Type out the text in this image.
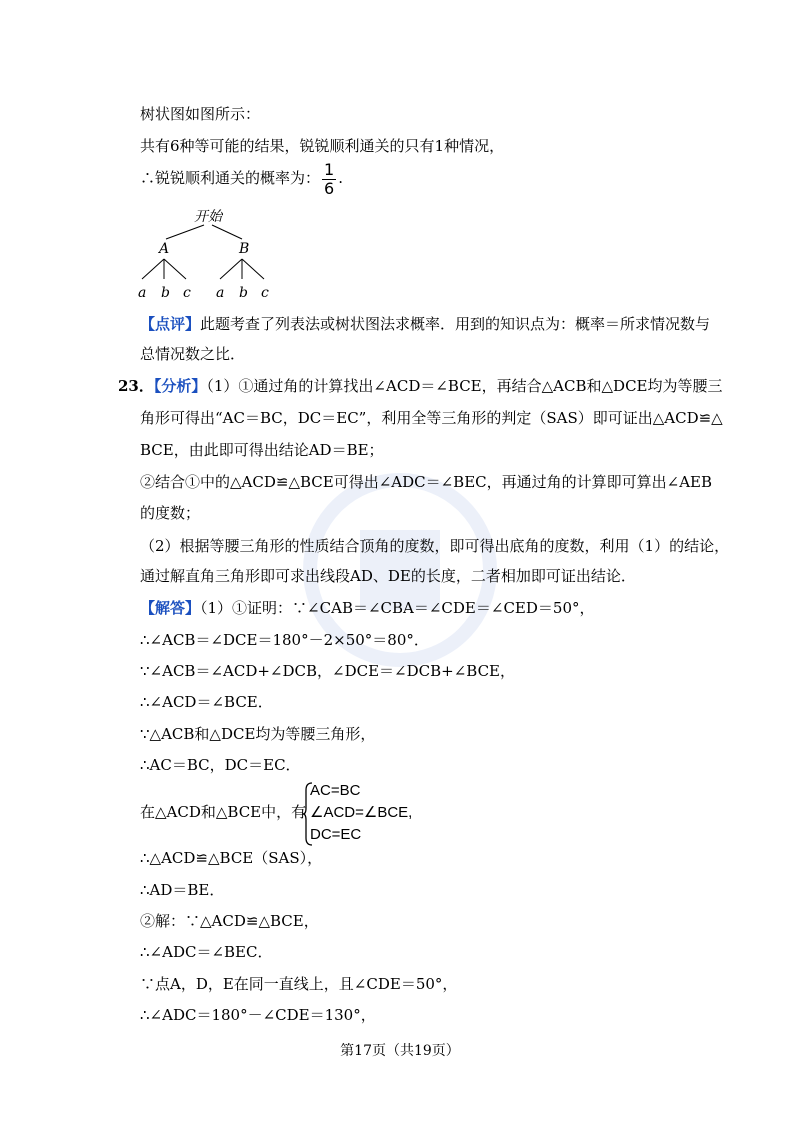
树状图如图所示：
共有6种等可能的结果，锐锐顺利通关的只有1种情况，
∴锐锐顺利通关的概率为： $\frac{1}{6}$ .
开始
A	B
a b c a b c
【点评】此题考查了列表法或树状图法求概率．用到的知识点为：概率＝所求情况数与
总情况数之比．
23．【分析】（1）①通过角的计算找出∠ACD＝∠BCE，再结合△ACB和△DCE均为等腰三
角形可得出“AC＝BC，DC＝EC”，利用全等三角形的判定（SAS）即可证出△ACD≌△
BCE，由此即可得出结论AD＝BE；
②结合①中的△ACD≌△BCE可得出∠ADC＝∠BEC，再通过角的计算即可算出∠AEB
的度数；
（2）根据等腰三角形的性质结合顶角的度数，即可得出底角的度数，利用（1）的结论，
通过解直角三角形即可求出线段AD、DE的长度，二者相加即可证出结论．
【解答】（1）①证明：∵∠CAB＝∠CBA＝∠CDE＝∠CED＝50°，
∴∠ACB＝∠DCE＝180°－2×50°＝80°．
∵∠ACB＝∠ACD+∠DCB，∠DCE＝∠DCB+∠BCE，
∴∠ACD＝∠BCE．
∵△ACB和△DCE均为等腰三角形，
∴AC＝BC，DC＝EC．
在△ACD和△BCE中，有
AC=BC
∠ACD=∠BCE,
DC=EC
∴△ACD≌△BCE（SAS），
∴AD＝BE．
②解：∵△ACD≌△BCE，
∴∠ADC＝∠BEC．
∵点A，D，E在同一直线上，且∠CDE＝50°，
∴∠ADC＝180°－∠CDE＝130°，
第17页（共19页）
